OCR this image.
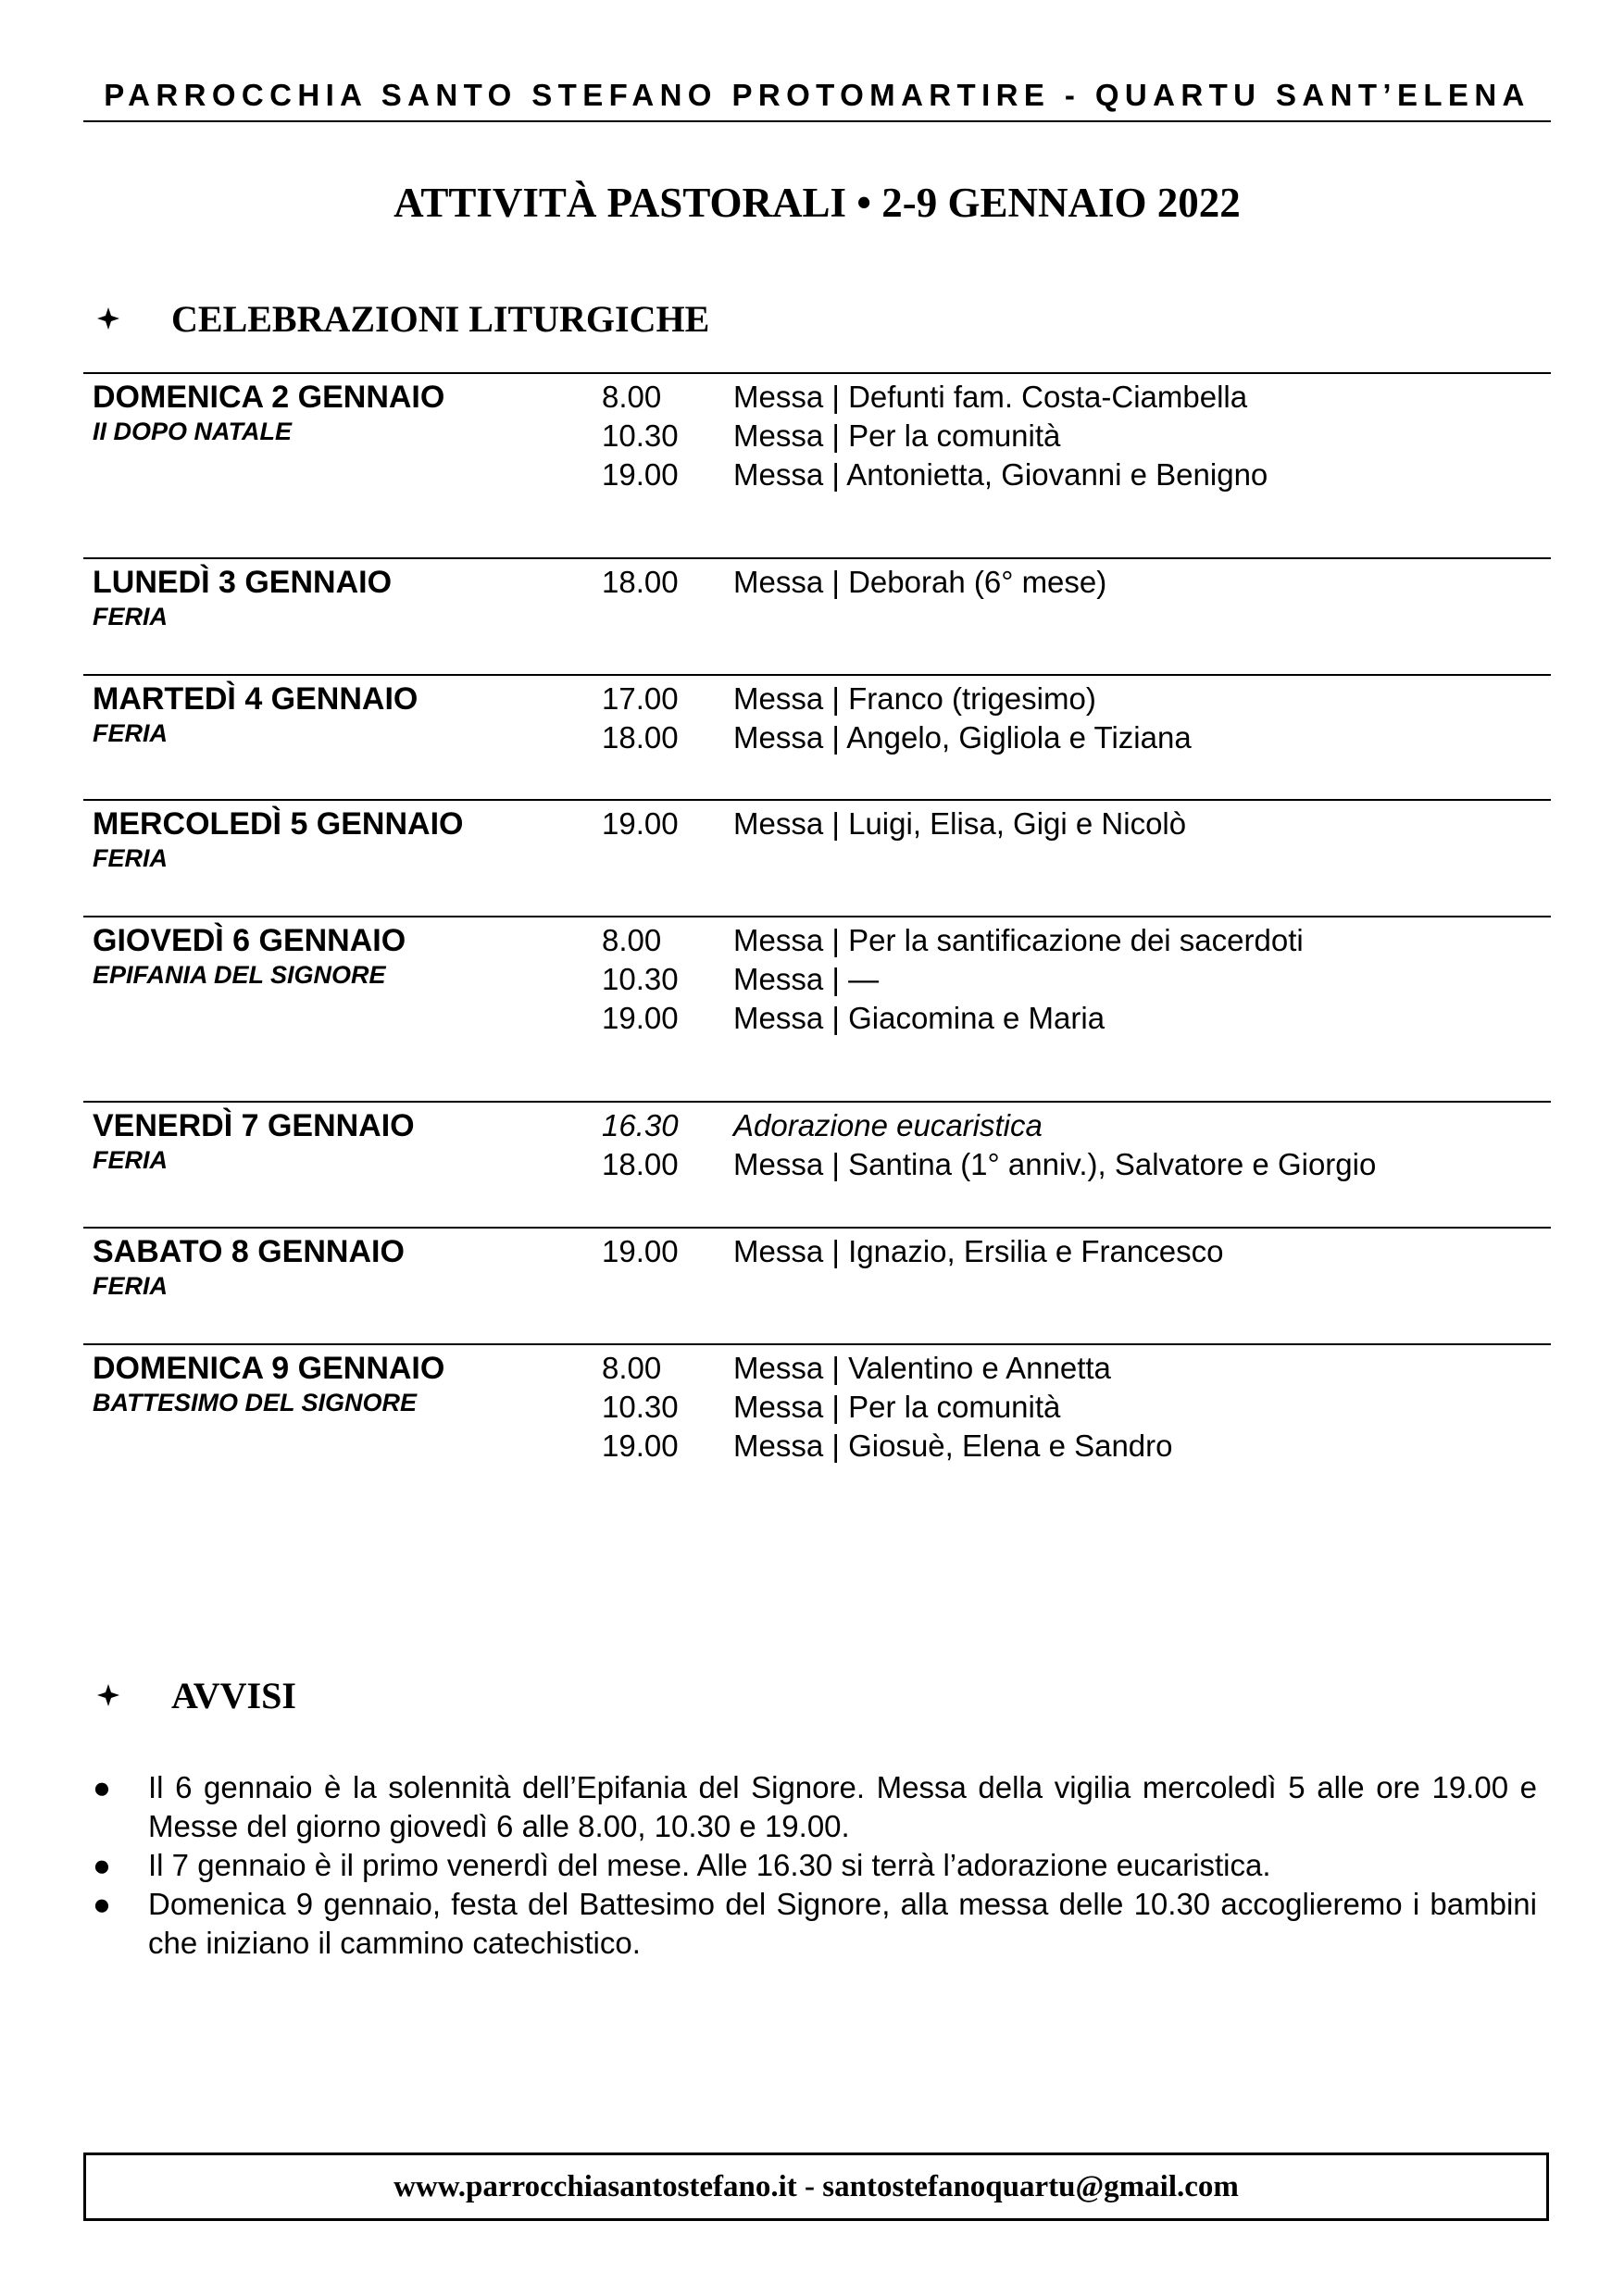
PARROCCHIA SANTO STEFANO PROTOMARTIRE - QUARTU SANT’ELENA
ATTIVITÀ PASTORALI • 2-9 GENNAIO 2022
CELEBRAZIONI LITURGICHE
DOMENICA 2 GENNAIO
II DOPO NATALE
8.00 Messa | Defunti fam. Costa-Ciambella
10.30 Messa | Per la comunità
19.00 Messa | Antonietta, Giovanni e Benigno
LUNEDÌ 3 GENNAIO
FERIA
18.00 Messa | Deborah (6° mese)
MARTEDÌ 4 GENNAIO
FERIA
17.00 Messa | Franco (trigesimo)
18.00 Messa | Angelo, Gigliola e Tiziana
MERCOLEDÌ 5 GENNAIO
FERIA
19.00 Messa | Luigi, Elisa, Gigi e Nicolò
GIOVEDÌ 6 GENNAIO
EPIFANIA DEL SIGNORE
8.00 Messa | Per la santificazione dei sacerdoti
10.30 Messa | —
19.00 Messa | Giacomina e Maria
VENERDÌ 7 GENNAIO
FERIA
16.30 Adorazione eucaristica
18.00 Messa | Santina (1° anniv.), Salvatore e Giorgio
SABATO 8 GENNAIO
FERIA
19.00 Messa | Ignazio, Ersilia e Francesco
DOMENICA 9 GENNAIO
BATTESIMO DEL SIGNORE
8.00 Messa | Valentino e Annetta
10.30 Messa | Per la comunità
19.00 Messa | Giosuè, Elena e Sandro
AVVISI
●	Il 6 gennaio è la solennità dell’Epifania del Signore. Messa della vigilia mercoledì 5 alle ore 19.00 e Messe del giorno giovedì 6 alle 8.00, 10.30 e 19.00.
●	Il 7 gennaio è il primo venerdì del mese. Alle 16.30 si terrà l’adorazione eucaristica.
●	Domenica 9 gennaio, festa del Battesimo del Signore, alla messa delle 10.30 accoglieremo i bambini che iniziano il cammino catechistico.
www.parrocchiasantostefano.it - santostefanoquartu@gmail.com
